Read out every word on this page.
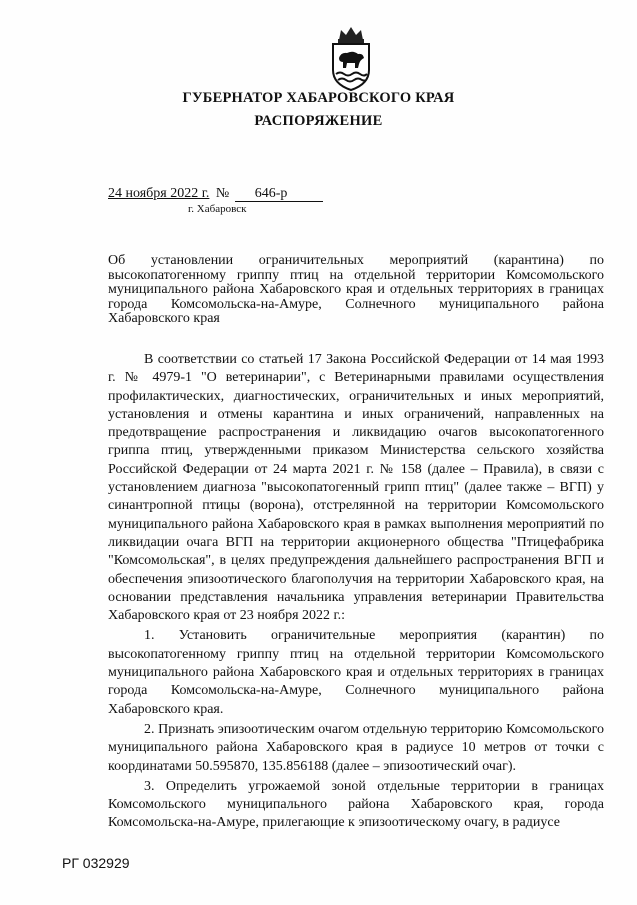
ГУБЕРНАТОР ХАБАРОВСКОГО КРАЯ
РАСПОРЯЖЕНИЕ
24 ноября 2022 г. № 646-р
г. Хабаровск
Об установлении ограничительных мероприятий (карантина) по высокопатогенному гриппу птиц на отдельной территории Комсомольского муниципального района Хабаровского края и отдельных территориях в границах города Комсомольска-на-Амуре, Солнечного муниципального района Хабаровского края

В соответствии со статьей 17 Закона Российской Федерации от 14 мая 1993 г. № 4979-1 "О ветеринарии", с Ветеринарными правилами осуществления профилактических, диагностических, ограничительных и иных мероприятий, установления и отмены карантина и иных ограничений, направленных на предотвращение распространения и ликвидацию очагов высокопатогенного гриппа птиц, утвержденными приказом Министерства сельского хозяйства Российской Федерации от 24 марта 2021 г. № 158 (далее – Правила), в связи с установлением диагноза "высокопатогенный грипп птиц" (далее также – ВГП) у синантропной птицы (ворона), отстрелянной на территории Комсомольского муниципального района Хабаровского края в рамках выполнения мероприятий по ликвидации очага ВГП на территории акционерного общества "Птицефабрика "Комсомольская", в целях предупреждения дальнейшего распространения ВГП и обеспечения эпизоотического благополучия на территории Хабаровского края, на основании представления начальника управления ветеринарии Правительства Хабаровского края от 23 ноября 2022 г.:

1. Установить ограничительные мероприятия (карантин) по высокопатогенному гриппу птиц на отдельной территории Комсомольского муниципального района Хабаровского края и отдельных территориях в границах города Комсомольска-на-Амуре, Солнечного муниципального района Хабаровского края.

2. Признать эпизоотическим очагом отдельную территорию Комсомольского муниципального района Хабаровского края в радиусе 10 метров от точки с координатами 50.595870, 135.856188 (далее – эпизоотический очаг).

3. Определить угрожаемой зоной отдельные территории в границах Комсомольского муниципального района Хабаровского края, города Комсомольска-на-Амуре, прилегающие к эпизоотическому очагу, в радиусе

РГ 032929
